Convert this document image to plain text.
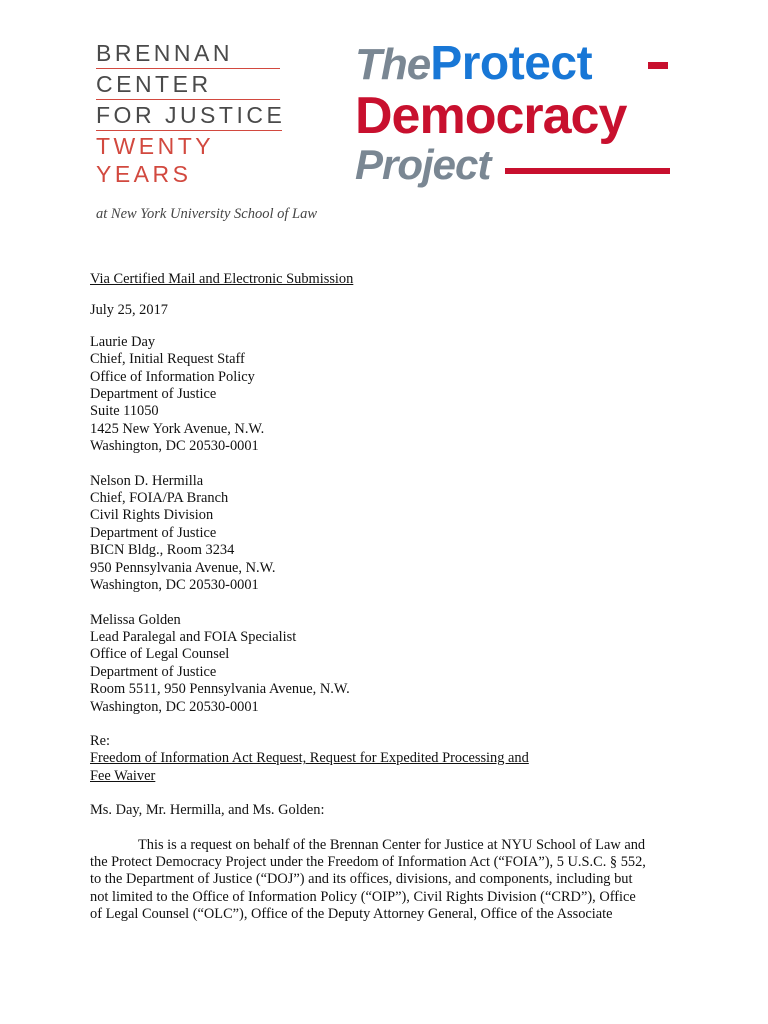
BRENNAN
CENTER
FOR JUSTICE
TWENTY
YEARS
at New York University School of Law
TheProtect
Democracy
Project

Via Certified Mail and Electronic Submission

July 25, 2017

Laurie Day
Chief, Initial Request Staff
Office of Information Policy
Department of Justice
Suite 11050
1425 New York Avenue, N.W.
Washington, DC 20530-0001
Nelson D. Hermilla
Chief, FOIA/PA Branch
Civil Rights Division
Department of Justice
BICN Bldg., Room 3234
950 Pennsylvania Avenue, N.W.
Washington, DC 20530-0001
Melissa Golden
Lead Paralegal and FOIA Specialist
Office of Legal Counsel
Department of Justice
Room 5511, 950 Pennsylvania Avenue, N.W.
Washington, DC 20530-0001
Re:
Freedom of Information Act Request, Request for Expedited Processing and
Fee Waiver

Ms. Day, Mr. Hermilla, and Ms. Golden:

This is a request on behalf of the Brennan Center for Justice at NYU School of Law and
the Protect Democracy Project under the Freedom of Information Act (“FOIA”), 5 U.S.C. § 552,
to the Department of Justice (“DOJ”) and its offices, divisions, and components, including but
not limited to the Office of Information Policy (“OIP”), Civil Rights Division (“CRD”), Office
of Legal Counsel (“OLC”), Office of the Deputy Attorney General, Office of the Associate
